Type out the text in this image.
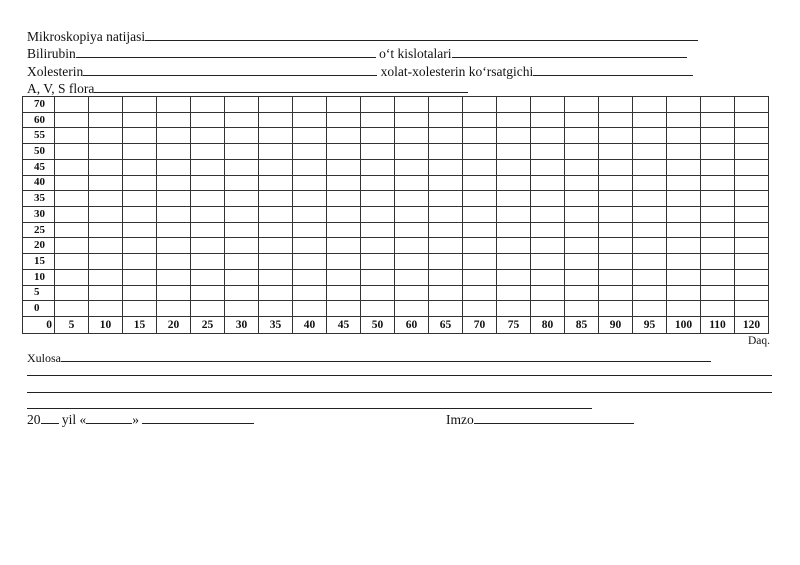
Mikroskopiya natijasi
Bilirubin	oʻt kislotalari
Xolesterin	xolat-xolesterin koʻrsatgichi
A, V, S flora
70																					
60																					
55																					
50																					
45																					
40																					
35																					
30																					
25																					
20																					
15																					
10																					
5																					
0																					
0	5	10	15	20	25	30	35	40	45	50	60	65	70	75	80	85	90	95	100	110	120
Daq.
Xulosa
20 yil «	»	Imzo
